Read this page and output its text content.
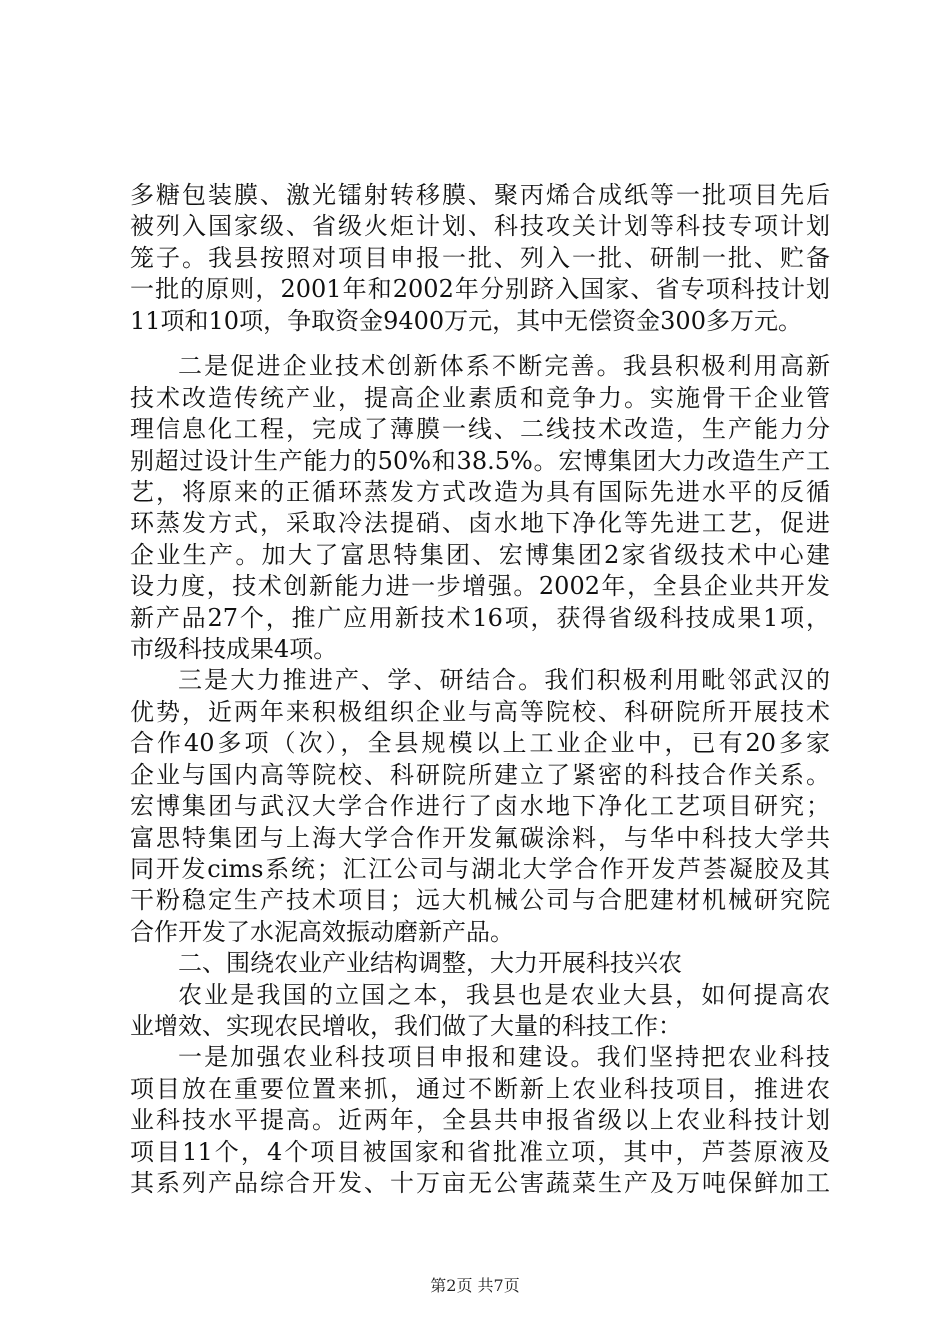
多糖包装膜、激光镭射转移膜、聚丙烯合成纸等一批项目先后
被列入国家级、省级火炬计划、科技攻关计划等科技专项计划
笼子。我县按照对项目申报一批、列入一批、研制一批、贮备
一批的原则，2001年和2002年分别跻入国家、省专项科技计划
11项和10项，争取资金9400万元，其中无偿资金300多万元。
二是促进企业技术创新体系不断完善。我县积极利用高新
技术改造传统产业，提高企业素质和竞争力。实施骨干企业管
理信息化工程，完成了薄膜一线、二线技术改造，生产能力分
别超过设计生产能力的50%和38.5%。宏博集团大力改造生产工
艺，将原来的正循环蒸发方式改造为具有国际先进水平的反循
环蒸发方式，采取冷法提硝、卤水地下净化等先进工艺，促进
企业生产。加大了富思特集团、宏博集团2家省级技术中心建
设力度，技术创新能力进一步增强。2002年，全县企业共开发
新产品27个，推广应用新技术16项，获得省级科技成果1项，
市级科技成果4项。
三是大力推进产、学、研结合。我们积极利用毗邻武汉的
优势，近两年来积极组织企业与高等院校、科研院所开展技术
合作40多项（次），全县规模以上工业企业中，已有20多家
企业与国内高等院校、科研院所建立了紧密的科技合作关系。
宏博集团与武汉大学合作进行了卤水地下净化工艺项目研究；
富思特集团与上海大学合作开发氟碳涂料，与华中科技大学共
同开发cims系统；汇江公司与湖北大学合作开发芦荟凝胶及其
干粉稳定生产技术项目；远大机械公司与合肥建材机械研究院
合作开发了水泥高效振动磨新产品。
二、围绕农业产业结构调整，大力开展科技兴农
农业是我国的立国之本，我县也是农业大县，如何提高农
业增效、实现农民增收，我们做了大量的科技工作：
一是加强农业科技项目申报和建设。我们坚持把农业科技
项目放在重要位置来抓，通过不断新上农业科技项目，推进农
业科技水平提高。近两年，全县共申报省级以上农业科技计划
项目11个，4个项目被国家和省批准立项，其中，芦荟原液及
其系列产品综合开发、十万亩无公害蔬菜生产及万吨保鲜加工
第2页 共7页
